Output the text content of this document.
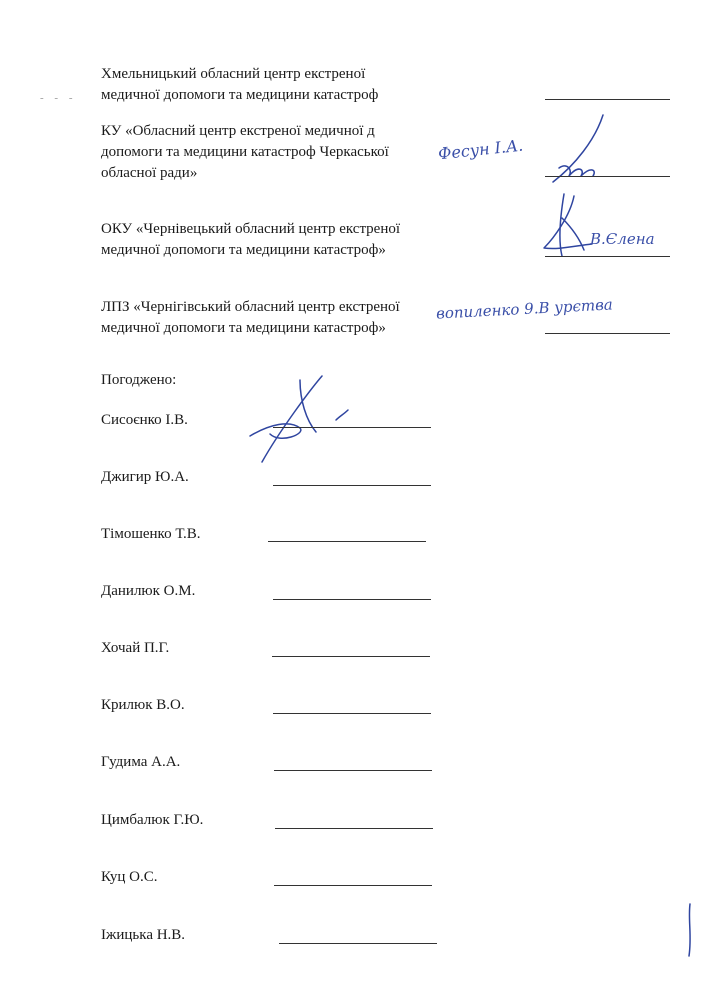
- - -
Хмельницький обласний центр екстреної
медичної допомоги та медицини катастроф
КУ «Обласний центр екстреної медичної д
допомоги та медицини катастроф Черкаської
обласної ради»
Фесун І.А.
ОКУ «Чернівецький обласний центр екстреної
медичної допомоги та медицини катастроф»
В.Єлена
ЛПЗ «Чернігівський обласний центр екстреної
медичної допомоги та медицини катастроф»
вопиленко 9.В урєтва
Погоджено:
Сисоєнко І.В.
Джигир Ю.А.
Тімошенко Т.В.
Данилюк О.М.
Хочай П.Г.
Крилюк В.О.
Гудима А.А.
Цимбалюк Г.Ю.
Куц О.С.
Іжицька Н.В.
